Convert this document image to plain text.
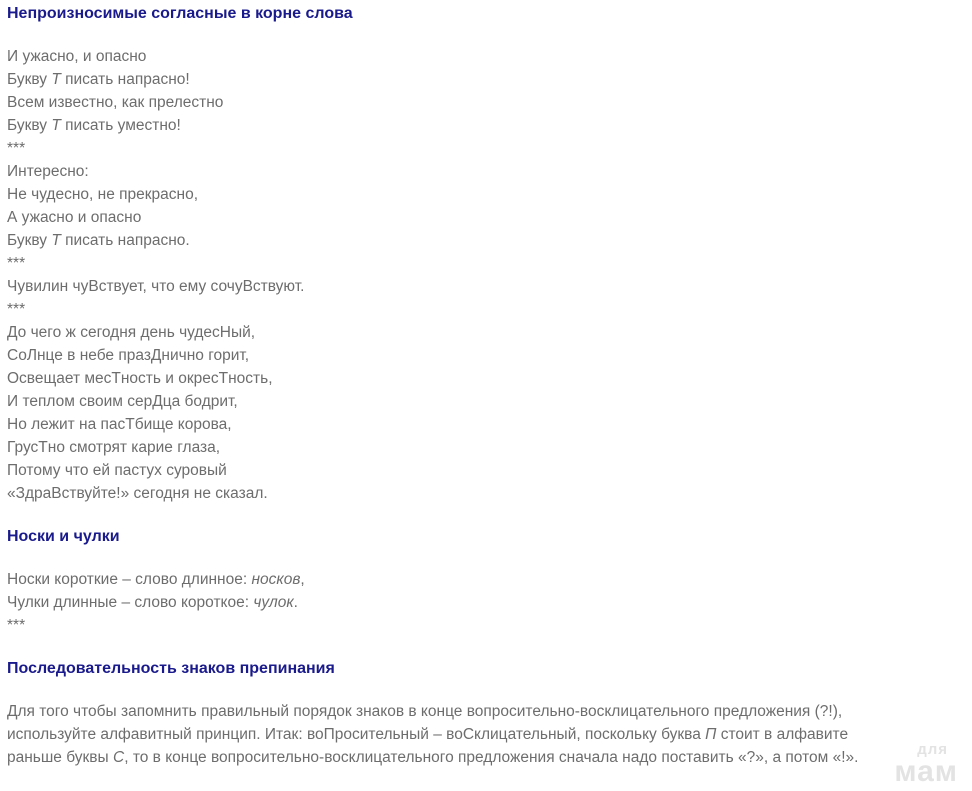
Непроизносимые согласные в корне слова
И ужасно, и опасно
Букву Т писать напрасно!
Всем известно, как прелестно
Букву Т писать уместно!
***
Интересно:
Не чудесно, не прекрасно,
А ужасно и опасно
Букву Т писать напрасно.
***
Чувилин чуВствует, что ему сочуВствуют.
***
До чего ж сегодня день чудесНый,
СоЛнце в небе празДнично горит,
Освещает месТность и окресТность,
И теплом своим серДца бодрит,
Но лежит на пасТбище корова,
ГрусТно смотрят карие глаза,
Потому что ей пастух суровый
«ЗдраВствуйте!» сегодня не сказал.
Носки и чулки
Носки короткие – слово длинное: носков,
Чулки длинные – слово короткое: чулок.
***
Последовательность знаков препинания
Для того чтобы запомнить правильный порядок знаков в конце вопросительно-восклицательного предложения (?!),
используйте алфавитный принцип. Итак: воПросительный – воСклицательный, поскольку буква П стоит в алфавите
раньше буквы С, то в конце вопросительно-восклицательного предложения сначала надо поставить «?», а потом «!».	для
мам
